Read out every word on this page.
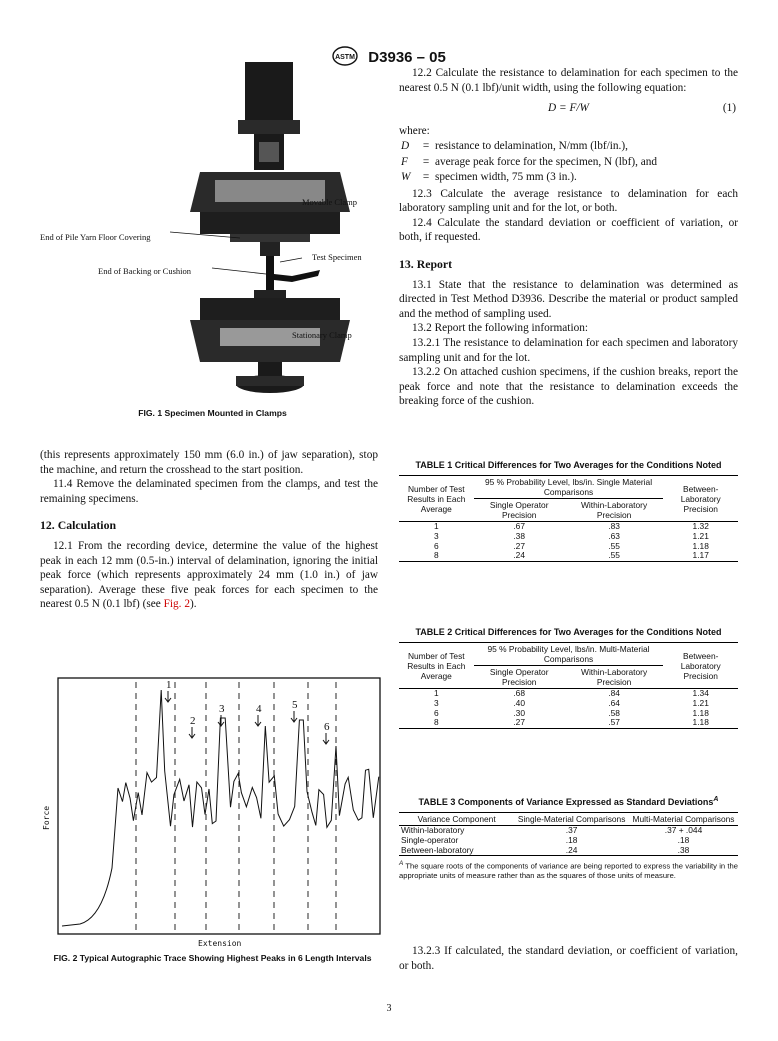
ASTM D3936 – 05
Movable Clamp
End of Pile Yarn Floor Covering
Test Specimen
End of Backing or Cushion
Stationary Clamp
FIG. 1 Specimen Mounted in Clamps

(this represents approximately 150 mm (6.0 in.) of jaw separation), stop the machine, and return the crosshead to the start position.

11.4 Remove the delaminated specimen from the clamps, and test the remaining specimens.

12. Calculation

12.1 From the recording device, determine the value of the highest peak in each 12 mm (0.5-in.) interval of delamination, ignoring the initial peak force (which represents approximately 24 mm (1.0 in.) of jaw separation). Average these five peak forces for each specimen to the nearest 0.5 N (0.1 lbf) (see Fig. 2).

1
2
3	4	5
6
Force
Extension
FIG. 2 Typical Autographic Trace Showing Highest Peaks in 6 Length Intervals

12.2 Calculate the resistance to delamination for each specimen to the nearest 0.5 N (0.1 lbf)/unit width, using the following equation:

D = F/W	(1)

where:

D	=	resistance to delamination, N/mm (lbf/in.),
F	=	average peak force for the specimen, N (lbf), and
W	=	specimen width, 75 mm (3 in.).

12.3 Calculate the average resistance to delamination for each laboratory sampling unit and for the lot, or both.

12.4 Calculate the standard deviation or coefficient of variation, or both, if requested.

13. Report

13.1 State that the resistance to delamination was determined as directed in Test Method D3936. Describe the material or product sampled and the method of sampling used.

13.2 Report the following information:

13.2.1 The resistance to delamination for each specimen and laboratory sampling unit and for the lot.

13.2.2 On attached cushion specimens, if the cushion breaks, report the peak force and note that the resistance to delamination exceeds the breaking force of the cushion.

TABLE 1 Critical Differences for Two Averages for the Conditions Noted
Number of Test Results in Each Average	95 % Probability Level, lbs/in. Single Material Comparisons		Between-Laboratory Precision
	Single Operator Precision	Within-Laboratory Precision	
1	.67	.83	1.32
3	.38	.63	1.21
6	.27	.55	1.18
8	.24	.55	1.17
TABLE 2 Critical Differences for Two Averages for the Conditions Noted
Number of Test Results in Each Average	95 % Probability Level, lbs/in. Multi-Material Comparisons		Between-Laboratory Precision
	Single Operator Precision	Within-Laboratory Precision	
1	.68	.84	1.34
3	.40	.64	1.21
6	.30	.58	1.18
8	.27	.57	1.18
TABLE 3 Components of Variance Expressed as Standard Deviations$^A$
Variance Component	Single-Material Comparisons	Multi-Material Comparisons
Within-laboratory	.37	.37 + .044
Single-operator	.18	.18
Between-laboratory	.24	.38
$^A$ The square roots of the components of variance are being reported to express the variability in the appropriate units of measure rather than as the squares of those units of measure.

13.2.3 If calculated, the standard deviation, or coefficient of variation, or both.

3
